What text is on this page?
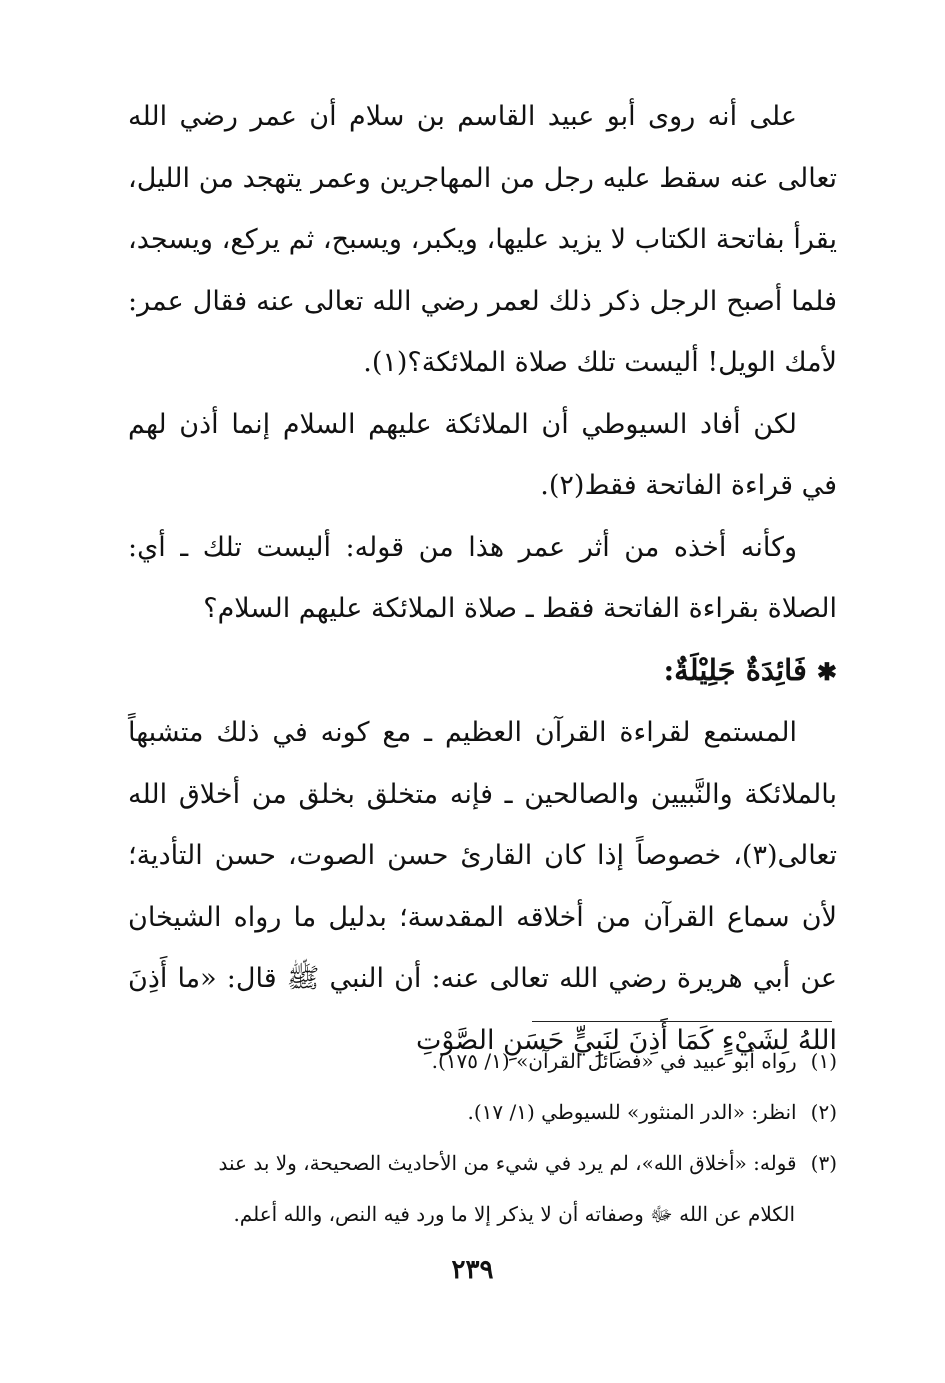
على أنه روى أبو عبيد القاسم بن سلام أن عمر رضي الله تعالى عنه سقط عليه رجل من المهاجرين وعمر يتهجد من الليل، يقرأ بفاتحة الكتاب لا يزيد عليها، ويكبر، ويسبح، ثم يركع، ويسجد، فلما أصبح الرجل ذكر ذلك لعمر رضي الله تعالى عنه فقال عمر: لأمك الويل! أليست تلك صلاة الملائكة؟(١).

لكن أفاد السيوطي أن الملائكة عليهم السلام إنما أذن لهم في قراءة الفاتحة فقط(٢).

وكأنه أخذه من أثر عمر هذا من قوله: أليست تلك ـ أي: الصلاة بقراءة الفاتحة فقط ـ صلاة الملائكة عليهم السلام؟

✱فَائِدَةٌ جَلِيْلَةٌ:

المستمع لقراءة القرآن العظيم ـ مع كونه في ذلك متشبهاً بالملائكة والنَّبيين والصالحين ـ فإنه متخلق بخلق من أخلاق الله تعالى(٣)، خصوصاً إذا كان القارئ حسن الصوت، حسن التأدية؛ لأن سماع القرآن من أخلاقه المقدسة؛ بدليل ما رواه الشيخان عن أبي هريرة رضي الله تعالى عنه: أن النبي ﷺ قال: «ما أَذِنَ اللهُ لِشَيْءٍ كَمَا أَذِنَ لِنَبِيٍّ حَسَنِ الصَّوْتِ

(١)رواه أبو عبيد في «فضائل القرآن» (١/ ١٧٥).

(٢)انظر: «الدر المنثور» للسيوطي (١/ ١٧).

(٣)قوله: «أخلاق الله»، لم يرد في شيء من الأحاديث الصحيحة، ولا بد عند

الكلام عن الله ﷻ وصفاته أن لا يذكر إلا ما ورد فيه النص، والله أعلم.

٢٣٩
